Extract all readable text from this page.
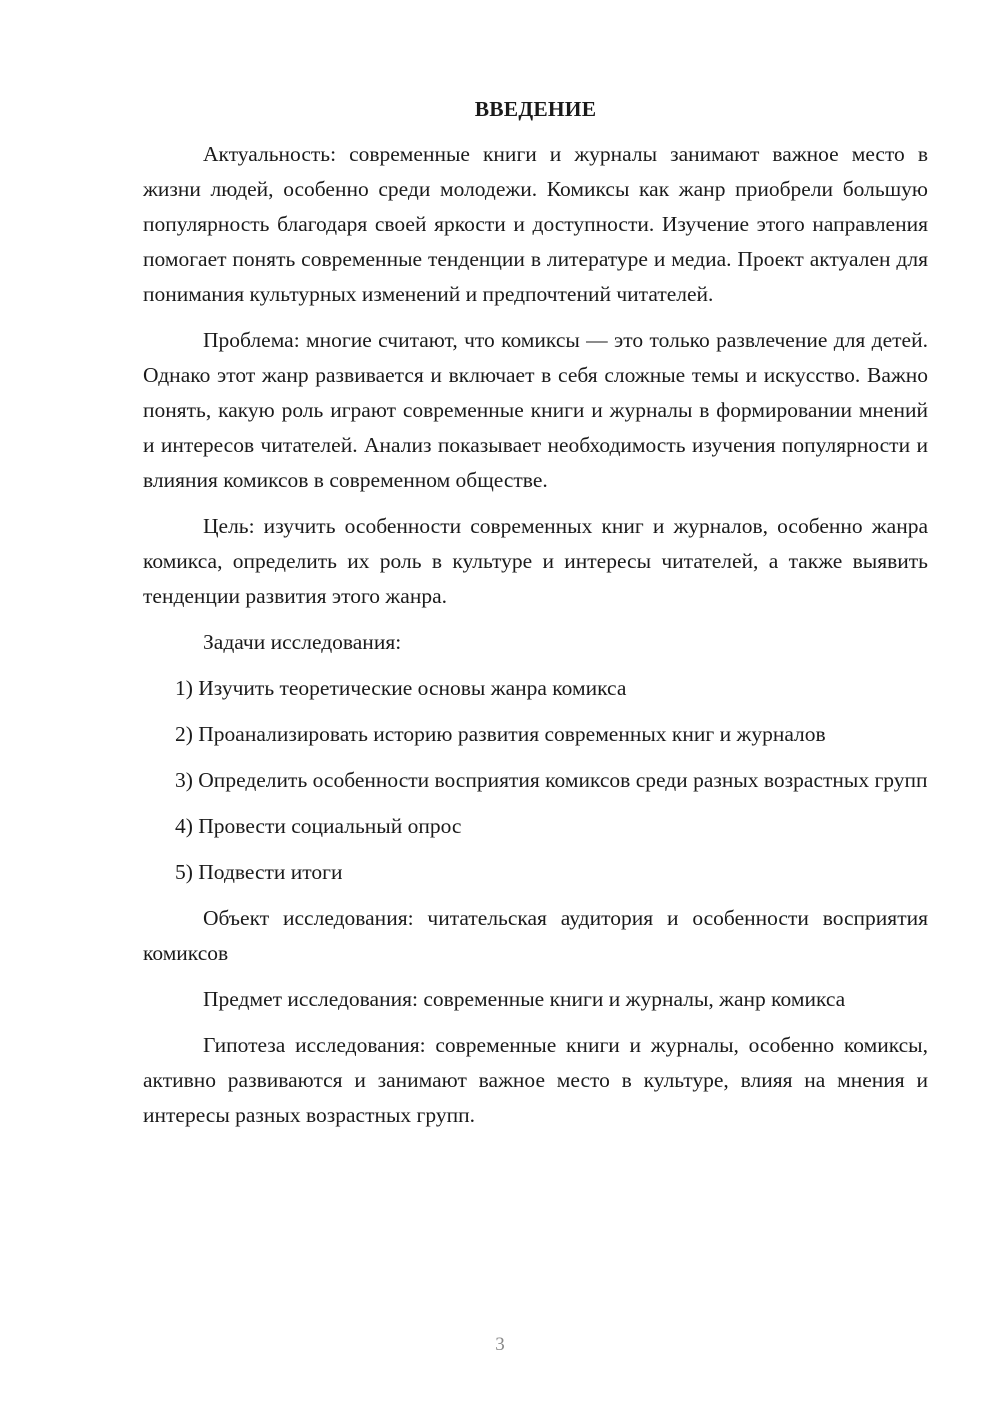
ВВЕДЕНИЕ

Актуальность: современные книги и журналы занимают важное место в жизни людей, особенно среди молодежи. Комиксы как жанр приобрели большую популярность благодаря своей яркости и доступности. Изучение этого направления помогает понять современные тенденции в литературе и медиа. Проект актуален для понимания культурных изменений и предпочтений читателей.

Проблема: многие считают, что комиксы — это только развлечение для детей. Однако этот жанр развивается и включает в себя сложные темы и искусство. Важно понять, какую роль играют современные книги и журналы в формировании мнений и интересов читателей. Анализ показывает необходимость изучения популярности и влияния комиксов в современном обществе.

Цель: изучить особенности современных книг и журналов, особенно жанра комикса, определить их роль в культуре и интересы читателей, а также выявить тенденции развития этого жанра.

Задачи исследования:

1) Изучить теоретические основы жанра комикса

2) Проанализировать историю развития современных книг и журналов

3) Определить особенности восприятия комиксов среди разных возрастных групп

4) Провести социальный опрос

5) Подвести итоги

Объект исследования: читательская аудитория и особенности восприятия комиксов

Предмет исследования: современные книги и журналы, жанр комикса

Гипотеза исследования: современные книги и журналы, особенно комиксы, активно развиваются и занимают важное место в культуре, влияя на мнения и интересы разных возрастных групп.

3
